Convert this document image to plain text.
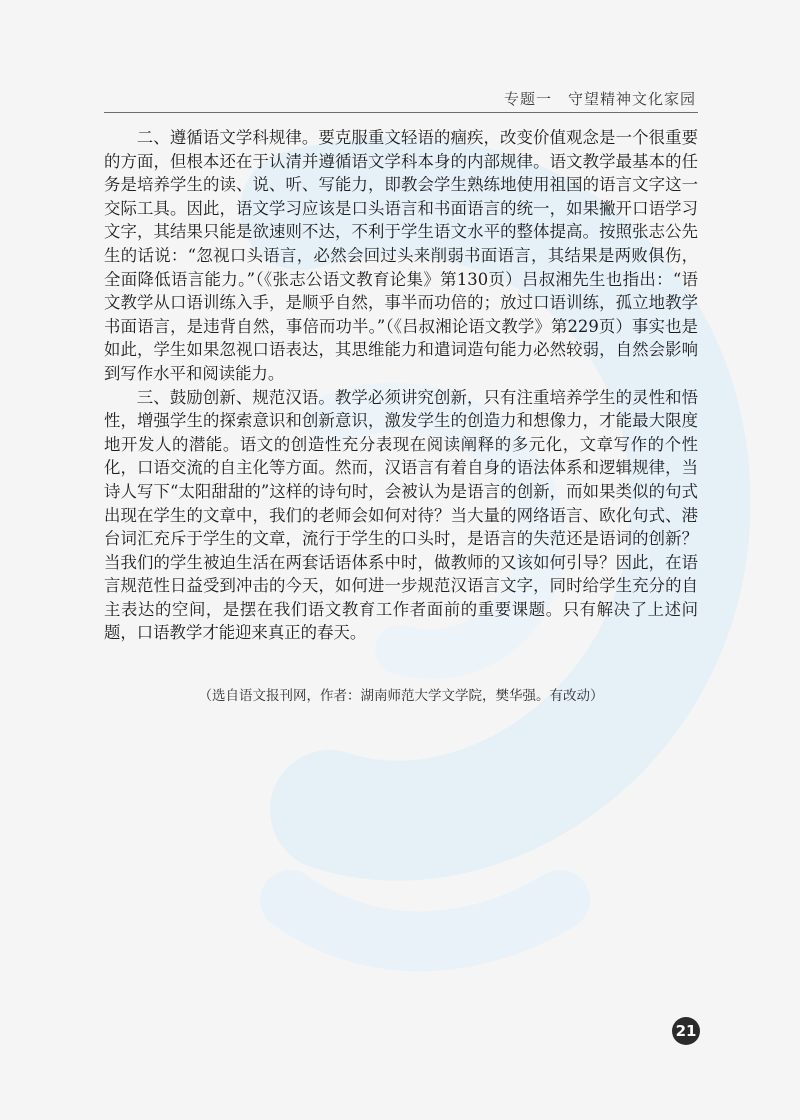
专题一　守望精神文化家园

二、遵循语文学科规律。要克服重文轻语的痼疾，改变价值观念是一个很重要的方面，但根本还在于认清并遵循语文学科本身的内部规律。语文教学最基本的任务是培养学生的读、说、听、写能力，即教会学生熟练地使用祖国的语言文字这一交际工具。因此，语文学习应该是口头语言和书面语言的统一，如果撇开口语学习文字，其结果只能是欲速则不达，不利于学生语文水平的整体提高。按照张志公先生的话说：“忽视口头语言，必然会回过头来削弱书面语言，其结果是两败俱伤，全面降低语言能力。”（《张志公语文教育论集》第130页）吕叔湘先生也指出：“语文教学从口语训练入手，是顺乎自然，事半而功倍的；放过口语训练，孤立地教学书面语言，是违背自然，事倍而功半。”（《吕叔湘论语文教学》第229页）事实也是如此，学生如果忽视口语表达，其思维能力和遣词造句能力必然较弱，自然会影响到写作水平和阅读能力。

三、鼓励创新、规范汉语。教学必须讲究创新，只有注重培养学生的灵性和悟性，增强学生的探索意识和创新意识，激发学生的创造力和想像力，才能最大限度地开发人的潜能。语文的创造性充分表现在阅读阐释的多元化，文章写作的个性化，口语交流的自主化等方面。然而，汉语言有着自身的语法体系和逻辑规律，当诗人写下“太阳甜甜的”这样的诗句时，会被认为是语言的创新，而如果类似的句式出现在学生的文章中，我们的老师会如何对待？当大量的网络语言、欧化句式、港台词汇充斥于学生的文章，流行于学生的口头时，是语言的失范还是语词的创新？当我们的学生被迫生活在两套话语体系中时，做教师的又该如何引导？因此，在语言规范性日益受到冲击的今天，如何进一步规范汉语言文字，同时给学生充分的自主表达的空间，是摆在我们语文教育工作者面前的重要课题。只有解决了上述问题，口语教学才能迎来真正的春天。

（选自语文报刊网，作者：湖南师范大学文学院，樊华强。有改动）
21
